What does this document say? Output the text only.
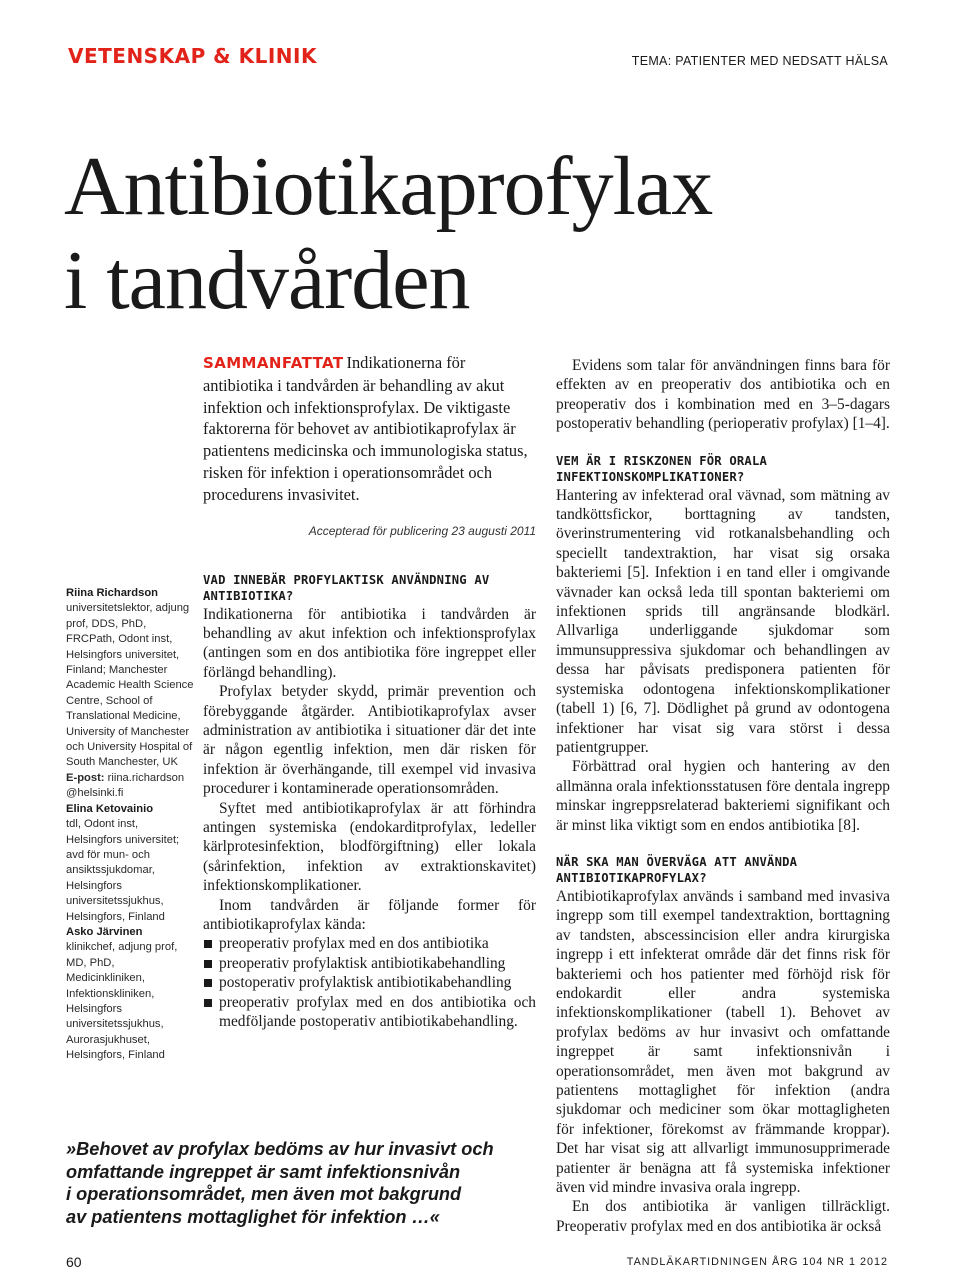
VETENSKAP & KLINIK	TEMA: PATIENTER MED NEDSATT HÄLSA
Antibiotikaprofylax
i tandvården
Riina Richardson
universitetslektor, adjung prof, DDS, PhD, FRCPath, Odont inst, Helsingfors universitet, Finland; Manchester Academic Health Science Centre, School of Translational Medicine, University of Manchester och University Hospital of South Manchester, UK
E-post: riina.richardson @helsinki.fi
Elina Ketovainio
tdl, Odont inst, Helsingfors universitet; avd för mun- och ansiktssjukdomar, Helsingfors universitetssjukhus, Helsingfors, Finland
Asko Järvinen
klinikchef, adjung prof, MD, PhD, Medicinkliniken, Infektionskliniken, Helsingfors universitetssjukhus, Aurorasjukhuset, Helsingfors, Finland
SAMMANFATTAT Indikationerna för antibiotika i tandvården är behandling av akut infektion och infektionsprofylax. De viktigaste faktorerna för behovet av antibiotikaprofylax är patientens medicinska och immunologiska status, risken för infektion i operationsområdet och procedurens invasivitet.
Accepterad för publicering 23 augusti 2011
VAD INNEBÄR PROFYLAKTISK ANVÄNDNING AV ANTIBIOTIKA?

Indikationerna för antibiotika i tandvården är behandling av akut infektion och infektionsprofylax (antingen som en dos antibiotika före ingreppet eller förlängd behandling).

Profylax betyder skydd, primär prevention och förebyggande åtgärder. Antibiotikaprofylax avser administration av antibiotika i situationer där det inte är någon egentlig infektion, men där risken för infektion är överhängande, till exempel vid invasiva procedurer i kontaminerade operationsområden.

Syftet med antibiotikaprofylax är att förhindra antingen systemiska (endokarditprofylax, ledeller kärlprotesinfektion, blodförgiftning) eller lokala (sårinfektion, infektion av extraktionskavitet) infektionskomplikationer.

Inom tandvården är följande former för antibiotikaprofylax kända:

preoperativ profylax med en dos antibiotika
preoperativ profylaktisk antibiotikabehandling
postoperativ profylaktisk antibiotikabehandling
preoperativ profylax med en dos antibiotika och medföljande postoperativ antibiotikabehandling.

Evidens som talar för användningen finns bara för effekten av en preoperativ dos antibiotika och en preoperativ dos i kombination med en 3–5-dagars postoperativ behandling (perioperativ profylax) [1–4].

VEM ÄR I RISKZONEN FÖR ORALA INFEKTIONSKOMPLIKATIONER?

Hantering av infekterad oral vävnad, som mätning av tandköttsfickor, borttagning av tandsten, överinstrumentering vid rotkanalsbehandling och speciellt tandextraktion, har visat sig orsaka bakteriemi [5]. Infektion i en tand eller i omgivande vävnader kan också leda till spontan bakteriemi om infektionen sprids till angränsande blodkärl. Allvarliga underliggande sjukdomar som immunsuppressiva sjukdomar och behandlingen av dessa har påvisats predisponera patienten för systemiska odontogena infektionskomplikationer (tabell 1) [6, 7]. Dödlighet på grund av odontogena infektioner har visat sig vara störst i dessa patientgrupper.

Förbättrad oral hygien och hantering av den allmänna orala infektionsstatusen före dentala ingrepp minskar ingreppsrelaterad bakteriemi signifikant och är minst lika viktigt som en endos antibiotika [8].

NÄR SKA MAN ÖVERVÄGA ATT ANVÄNDA ANTIBIOTIKAPROFYLAX?

Antibiotikaprofylax används i samband med invasiva ingrepp som till exempel tandextraktion, borttagning av tandsten, abscessincision eller andra kirurgiska ingrepp i ett infekterat område där det finns risk för bakteriemi och hos patienter med förhöjd risk för endokardit eller andra systemiska infektionskomplikationer (tabell 1). Behovet av profylax bedöms av hur invasivt och omfattande ingreppet är samt infektionsnivån i operationsområdet, men även mot bakgrund av patientens mottaglighet för infektion (andra sjukdomar och mediciner som ökar mottagligheten för infektioner, förekomst av främmande kroppar). Det har visat sig att allvarligt immunosupprimerade patienter är benägna att få systemiska infektioner även vid mindre invasiva orala ingrepp.

En dos antibiotika är vanligen tillräckligt. Preoperativ profylax med en dos antibiotika är också

»Behovet av profylax bedöms av hur invasivt och
omfattande ingreppet är samt infektionsnivån
i operationsområdet, men även mot bakgrund
av patientens mottaglighet för infektion …«
60	TANDLÄKARTIDNINGEN ÅRG 104 NR 1 2012
